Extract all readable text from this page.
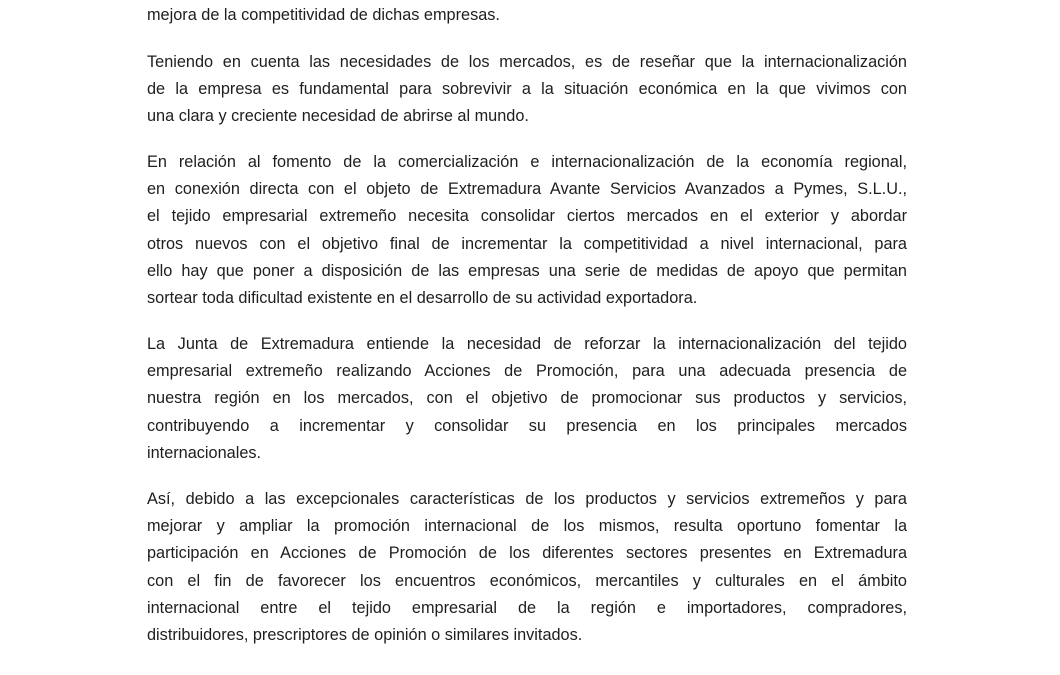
mejora de la competitividad de dichas empresas.

Teniendo en cuenta las necesidades de los mercados, es de reseñar que la internacionalización
de la empresa es fundamental para sobrevivir a la situación económica en la que vivimos con
una clara y creciente necesidad de abrirse al mundo.

En relación al fomento de la comercialización e internacionalización de la economía regional,
en conexión directa con el objeto de Extremadura Avante Servicios Avanzados a Pymes, S.L.U.,
el tejido empresarial extremeño necesita consolidar ciertos mercados en el exterior y abordar
otros nuevos con el objetivo final de incrementar la competitividad a nivel internacional, para
ello hay que poner a disposición de las empresas una serie de medidas de apoyo que permitan
sortear toda dificultad existente en el desarrollo de su actividad exportadora.

La Junta de Extremadura entiende la necesidad de reforzar la internacionalización del tejido
empresarial extremeño realizando Acciones de Promoción, para una adecuada presencia de
nuestra región en los mercados, con el objetivo de promocionar sus productos y servicios,
contribuyendo a incrementar y consolidar su presencia en los principales mercados
internacionales.

Así, debido a las excepcionales características de los productos y servicios extremeños y para
mejorar y ampliar la promoción internacional de los mismos, resulta oportuno fomentar la
participación en Acciones de Promoción de los diferentes sectores presentes en Extremadura
con el fin de favorecer los encuentros económicos, mercantiles y culturales en el ámbito
internacional entre el tejido empresarial de la región e importadores, compradores,
distribuidores, prescriptores de opinión o similares invitados.
